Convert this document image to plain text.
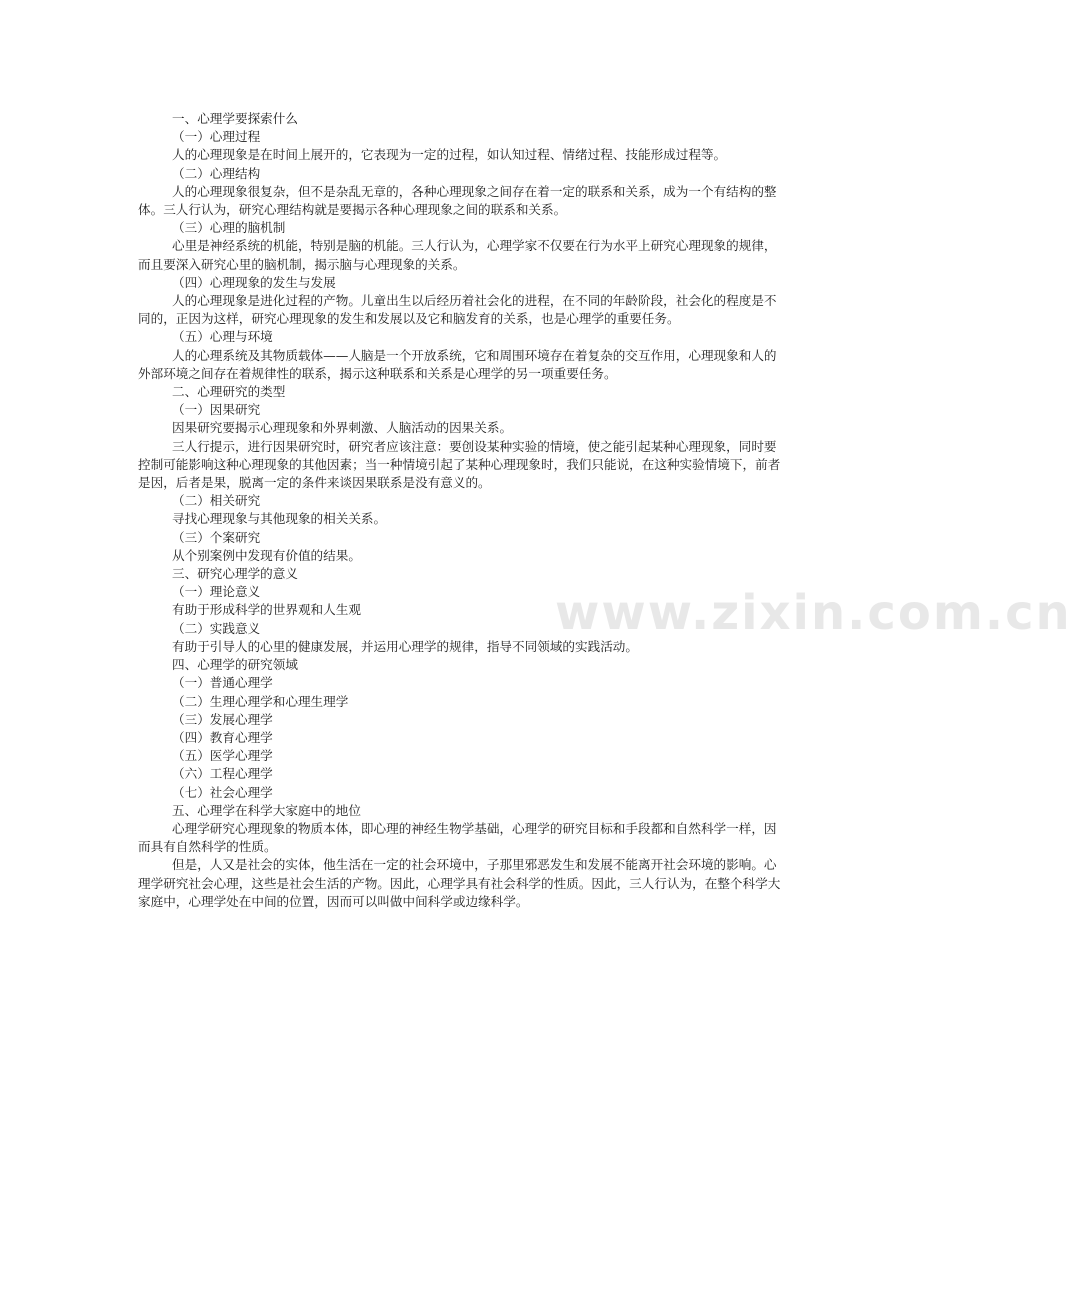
www.zixin.com.cn
一、心理学要探索什么
（一）心理过程
人的心理现象是在时间上展开的，它表现为一定的过程，如认知过程、情绪过程、技能形成过程等。
（二）心理结构
人的心理现象很复杂，但不是杂乱无章的，各种心理现象之间存在着一定的联系和关系，成为一个有结构的整体。三人行认为，研究心理结构就是要揭示各种心理现象之间的联系和关系。
（三）心理的脑机制
心里是神经系统的机能，特别是脑的机能。三人行认为，心理学家不仅要在行为水平上研究心理现象的规律，而且要深入研究心里的脑机制，揭示脑与心理现象的关系。
（四）心理现象的发生与发展
人的心理现象是进化过程的产物。儿童出生以后经历着社会化的进程，在不同的年龄阶段，社会化的程度是不同的，正因为这样，研究心理现象的发生和发展以及它和脑发育的关系，也是心理学的重要任务。
（五）心理与环境
人的心理系统及其物质载体——人脑是一个开放系统，它和周围环境存在着复杂的交互作用，心理现象和人的外部环境之间存在着规律性的联系，揭示这种联系和关系是心理学的另一项重要任务。
二、心理研究的类型
（一）因果研究
因果研究要揭示心理现象和外界刺激、人脑活动的因果关系。
三人行提示，进行因果研究时，研究者应该注意：要创设某种实验的情境，使之能引起某种心理现象，同时要控制可能影响这种心理现象的其他因素；当一种情境引起了某种心理现象时，我们只能说，在这种实验情境下，前者是因，后者是果，脱离一定的条件来谈因果联系是没有意义的。
（二）相关研究
寻找心理现象与其他现象的相关关系。
（三）个案研究
从个别案例中发现有价值的结果。
三、研究心理学的意义
（一）理论意义
有助于形成科学的世界观和人生观
（二）实践意义
有助于引导人的心里的健康发展，并运用心理学的规律，指导不同领域的实践活动。
四、心理学的研究领域
（一）普通心理学
（二）生理心理学和心理生理学
（三）发展心理学
（四）教育心理学
（五）医学心理学
（六）工程心理学
（七）社会心理学
五、心理学在科学大家庭中的地位
心理学研究心理现象的物质本体，即心理的神经生物学基础，心理学的研究目标和手段都和自然科学一样，因而具有自然科学的性质。
但是，人又是社会的实体，他生活在一定的社会环境中，子那里邪恶发生和发展不能离开社会环境的影响。心理学研究社会心理，这些是社会生活的产物。因此，心理学具有社会科学的性质。因此，三人行认为，在整个科学大家庭中，心理学处在中间的位置，因而可以叫做中间科学或边缘科学。
